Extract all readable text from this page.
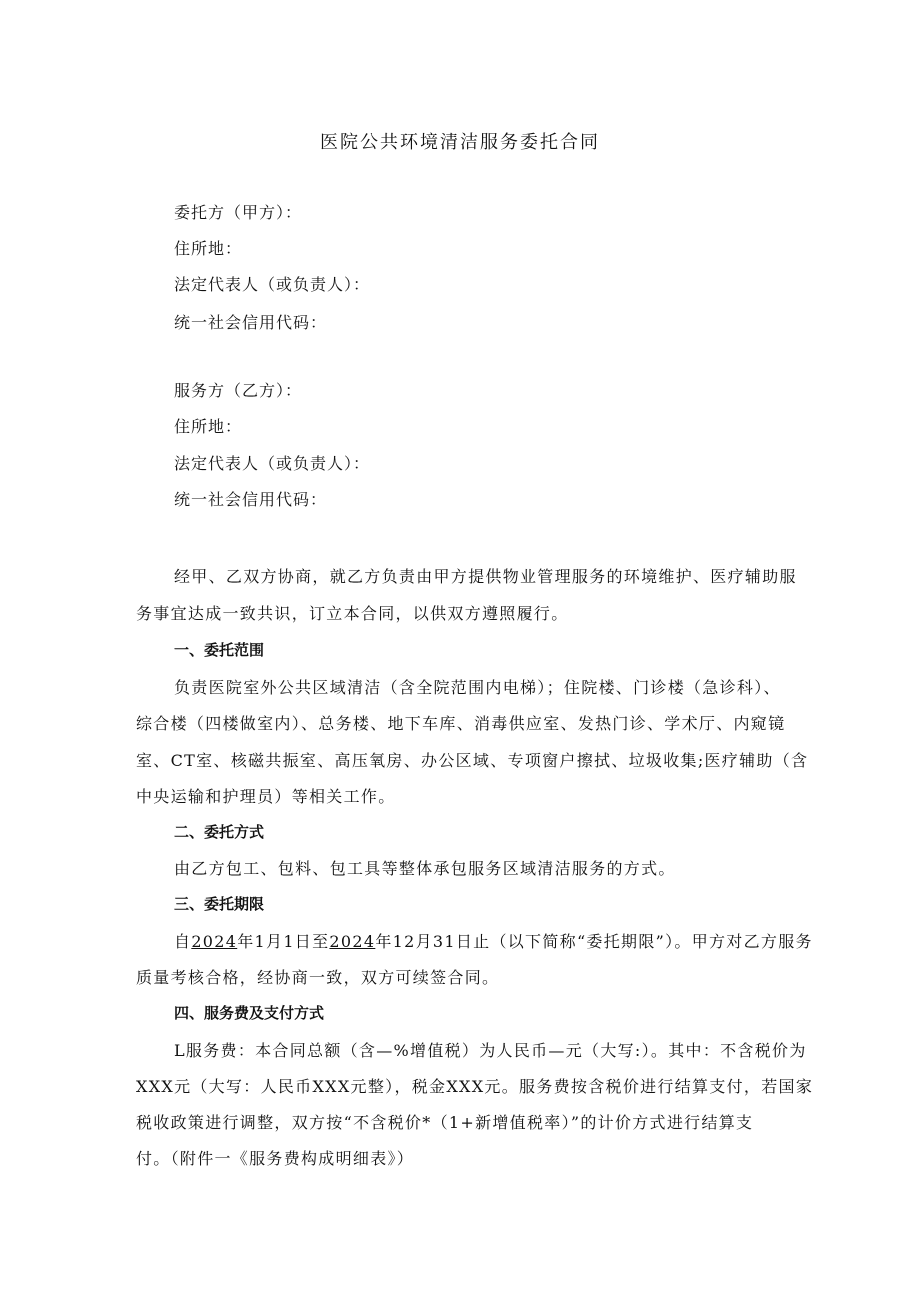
医院公共环境清洁服务委托合同
委托方（甲方）：
住所地：
法定代表人（或负责人）：
统一社会信用代码：
服务方（乙方）：
住所地：
法定代表人（或负责人）：
统一社会信用代码：
经甲、乙双方协商，就乙方负责由甲方提供物业管理服务的环境维护、医疗辅助服
务事宜达成一致共识，订立本合同，以供双方遵照履行。
一、委托范围
负责医院室外公共区域清洁（含全院范围内电梯）；住院楼、门诊楼（急诊科）、
综合楼（四楼做室内）、总务楼、地下车库、消毒供应室、发热门诊、学术厅、内窥镜
室、CT室、核磁共振室、高压氧房、办公区域、专项窗户擦拭、垃圾收集;医疗辅助（含
中央运输和护理员）等相关工作。
二、委托方式
由乙方包工、包料、包工具等整体承包服务区域清洁服务的方式。
三、委托期限
自2024年1月1日至2024年12月31日止（以下简称“委托期限”）。甲方对乙方服务
质量考核合格，经协商一致，双方可续签合同。
四、服务费及支付方式
L服务费：本合同总额（含—%增值税）为人民币—元（大写:）。其中：不含税价为
XXX元（大写：人民币XXX元整），税金XXX元。服务费按含税价进行结算支付，若国家
税收政策进行调整，双方按“不含税价*（1+新增值税率）”的计价方式进行结算支
付。（附件一《服务费构成明细表》）
